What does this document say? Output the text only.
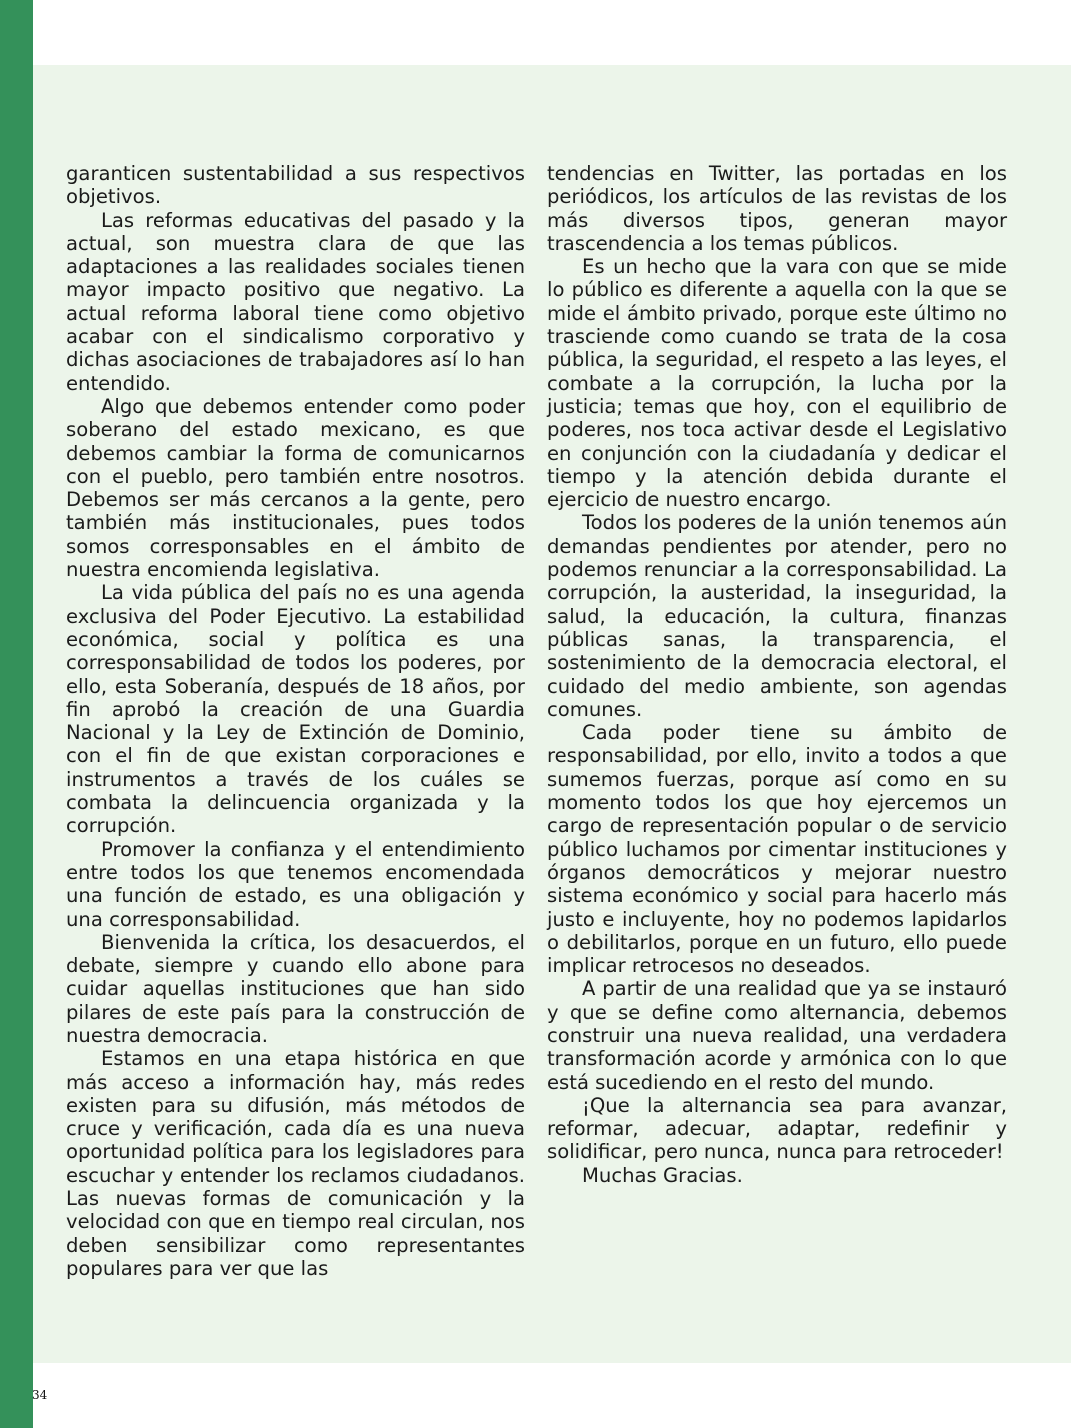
garanticen sustentabilidad a sus respectivos objetivos.

Las reformas educativas del pasado y la actual, son muestra clara de que las adaptaciones a las realidades sociales tienen mayor impacto positivo que negativo. La actual reforma laboral tiene como objetivo acabar con el sindicalismo corporativo y dichas asociaciones de trabajadores así lo han entendido.

Algo que debemos entender como poder soberano del estado mexicano, es que debemos cambiar la forma de comunicarnos con el pueblo, pero también entre nosotros. Debemos ser más cercanos a la gente, pero también más institucionales, pues todos somos corresponsables en el ámbito de nuestra encomienda legislativa.

La vida pública del país no es una agenda exclusiva del Poder Ejecutivo. La estabilidad económica, social y política es una corresponsabilidad de todos los poderes, por ello, esta Soberanía, después de 18 años, por fin aprobó la creación de una Guardia Nacional y la Ley de Extinción de Dominio, con el fin de que existan corporaciones e instrumentos a través de los cuáles se combata la delincuencia organizada y la corrupción.

Promover la confianza y el entendimiento entre todos los que tenemos encomendada una función de estado, es una obligación y una corresponsabilidad.

Bienvenida la crítica, los desacuerdos, el debate, siempre y cuando ello abone para cuidar aquellas instituciones que han sido pilares de este país para la construcción de nuestra democracia.

Estamos en una etapa histórica en que más acceso a información hay, más redes existen para su difusión, más métodos de cruce y verificación, cada día es una nueva oportunidad política para los legisladores para escuchar y entender los reclamos ciudadanos. Las nuevas formas de comunicación y la velocidad con que en tiempo real circulan, nos deben sensibilizar como representantes populares para ver que las

tendencias en Twitter, las portadas en los periódicos, los artículos de las revistas de los más diversos tipos, generan mayor trascendencia a los temas públicos.

Es un hecho que la vara con que se mide lo público es diferente a aquella con la que se mide el ámbito privado, porque este último no trasciende como cuando se trata de la cosa pública, la seguridad, el respeto a las leyes, el combate a la corrupción, la lucha por la justicia; temas que hoy, con el equilibrio de poderes, nos toca activar desde el Legislativo en conjunción con la ciudadanía y dedicar el tiempo y la atención debida durante el ejercicio de nuestro encargo.

Todos los poderes de la unión tenemos aún demandas pendientes por atender, pero no podemos renunciar a la corresponsabilidad. La corrupción, la austeridad, la inseguridad, la salud, la educación, la cultura, finanzas públicas sanas, la transparencia, el sostenimiento de la democracia electoral, el cuidado del medio ambiente, son agendas comunes.

Cada poder tiene su ámbito de responsabilidad, por ello, invito a todos a que sumemos fuerzas, porque así como en su momento todos los que hoy ejercemos un cargo de representación popular o de servicio público luchamos por cimentar instituciones y órganos democráticos y mejorar nuestro sistema económico y social para hacerlo más justo e incluyente, hoy no podemos lapidarlos o debilitarlos, porque en un futuro, ello puede implicar retrocesos no deseados.

A partir de una realidad que ya se instauró y que se define como alternancia, debemos construir una nueva realidad, una verdadera transformación acorde y armónica con lo que está sucediendo en el resto del mundo.

¡Que la alternancia sea para avanzar, reformar, adecuar, adaptar, redefinir y solidificar, pero nunca, nunca para retroceder!

Muchas Gracias.

34
